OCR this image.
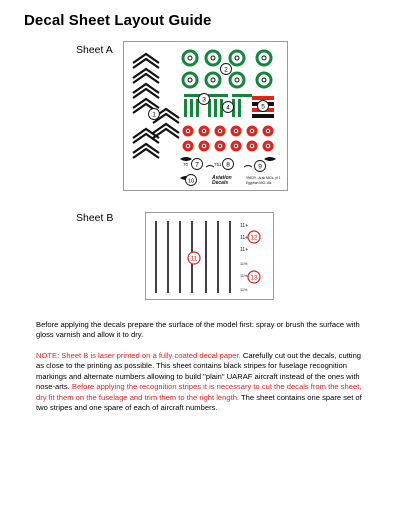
Decal Sheet Layout Guide
Sheet A
1
2
3
4	5
7	8	9
10
70	751
Aviation
Decals
VN029 - Arab MiGs, pt 1
Egyptian MiG-15s
Sheet B
11
12
13
11+
11+
11+
11%
11%
11%

Before applying the decals prepare the surface of the model first: spray or brush the surface with gloss varnish and allow it to dry.

NOTE: Sheet B is laser printed on a fully coated decal paper. Carefully cut out the decals, cutting as close to the printing as possible. This sheet contains black stripes for fuselage recognition markings and alternate numbers allowing to build "plain" UARAF aircraft instead of the ones with nose-arts. Before applying the recognition stripes it is necessary to cut the decals from the sheet, dry fit them on the fuselage and trim them to the right length. The sheet contains one spare set of two stripes and one spare of each of aircraft numbers.
